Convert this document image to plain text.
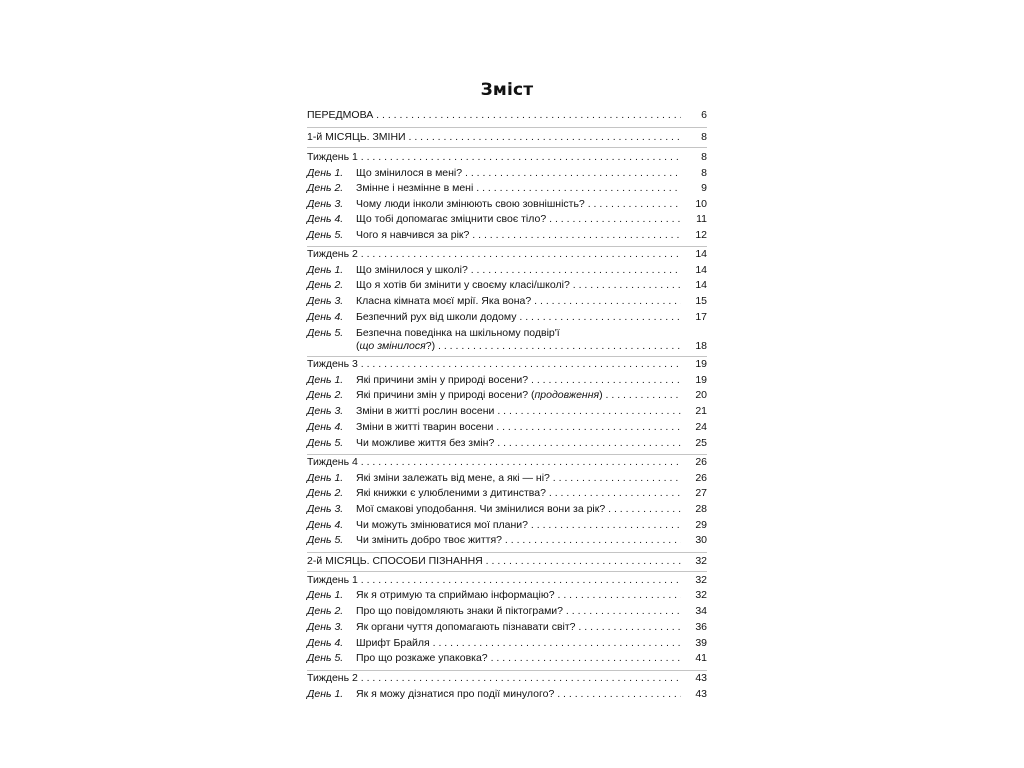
Зміст
ПЕРЕДМОВА . . .	6
1-й МІСЯЦЬ. ЗМІНИ . . .	8
Тиждень 1 . . .	8
День 1. Що змінилося в мені? . . .	8
День 2. Змінне і незмінне в мені . . .	9
День 3. Чому люди інколи змінюють свою зовнішність? . . .	10
День 4. Що тобі допомагає зміцнити своє тіло? . . .	11
День 5. Чого я навчився за рік? . . .	12
Тиждень 2 . . .	14
День 1. Що змінилося у школі? . . .	14
День 2. Що я хотів би змінити у своєму класі/школі? . . .	14
День 3. Класна кімната моєї мрії. Яка вона? . . .	15
День 4. Безпечний рух від школи додому . . .	17
День 5. Безпечна поведінка на шкільному подвір'ї
(що змінилося?) . . .	18
Тиждень 3 . . .	19
День 1. Які причини змін у природі восени? . . .	19
День 2. Які причини змін у природі восени? (продовження) . . .	20
День 3. Зміни в житті рослин восени . . .	21
День 4. Зміни в житті тварин восени . . .	24
День 5. Чи можливе життя без змін? . . .	25
Тиждень 4 . . .	26
День 1. Які зміни залежать від мене, а які — ні? . . .	26
День 2. Які книжки є улюбленими з дитинства? . . .	27
День 3. Мої смакові уподобання. Чи змінилися вони за рік? . . .	28
День 4. Чи можуть змінюватися мої плани? . . .	29
День 5. Чи змінить добро твоє життя? . . .	30
2-й МІСЯЦЬ. СПОСОБИ ПІЗНАННЯ . . .	32
Тиждень 1 . . .	32
День 1. Як я отримую та сприймаю інформацію? . . .	32
День 2. Про що повідомляють знаки й піктограми? . . .	34
День 3. Як органи чуття допомагають пізнавати світ? . . .	36
День 4. Шрифт Брайля . . .	39
День 5. Про що розкаже упаковка? . . .	41
Тиждень 2 . . .	43
День 1. Як я можу дізнатися про події минулого? . . .	43
